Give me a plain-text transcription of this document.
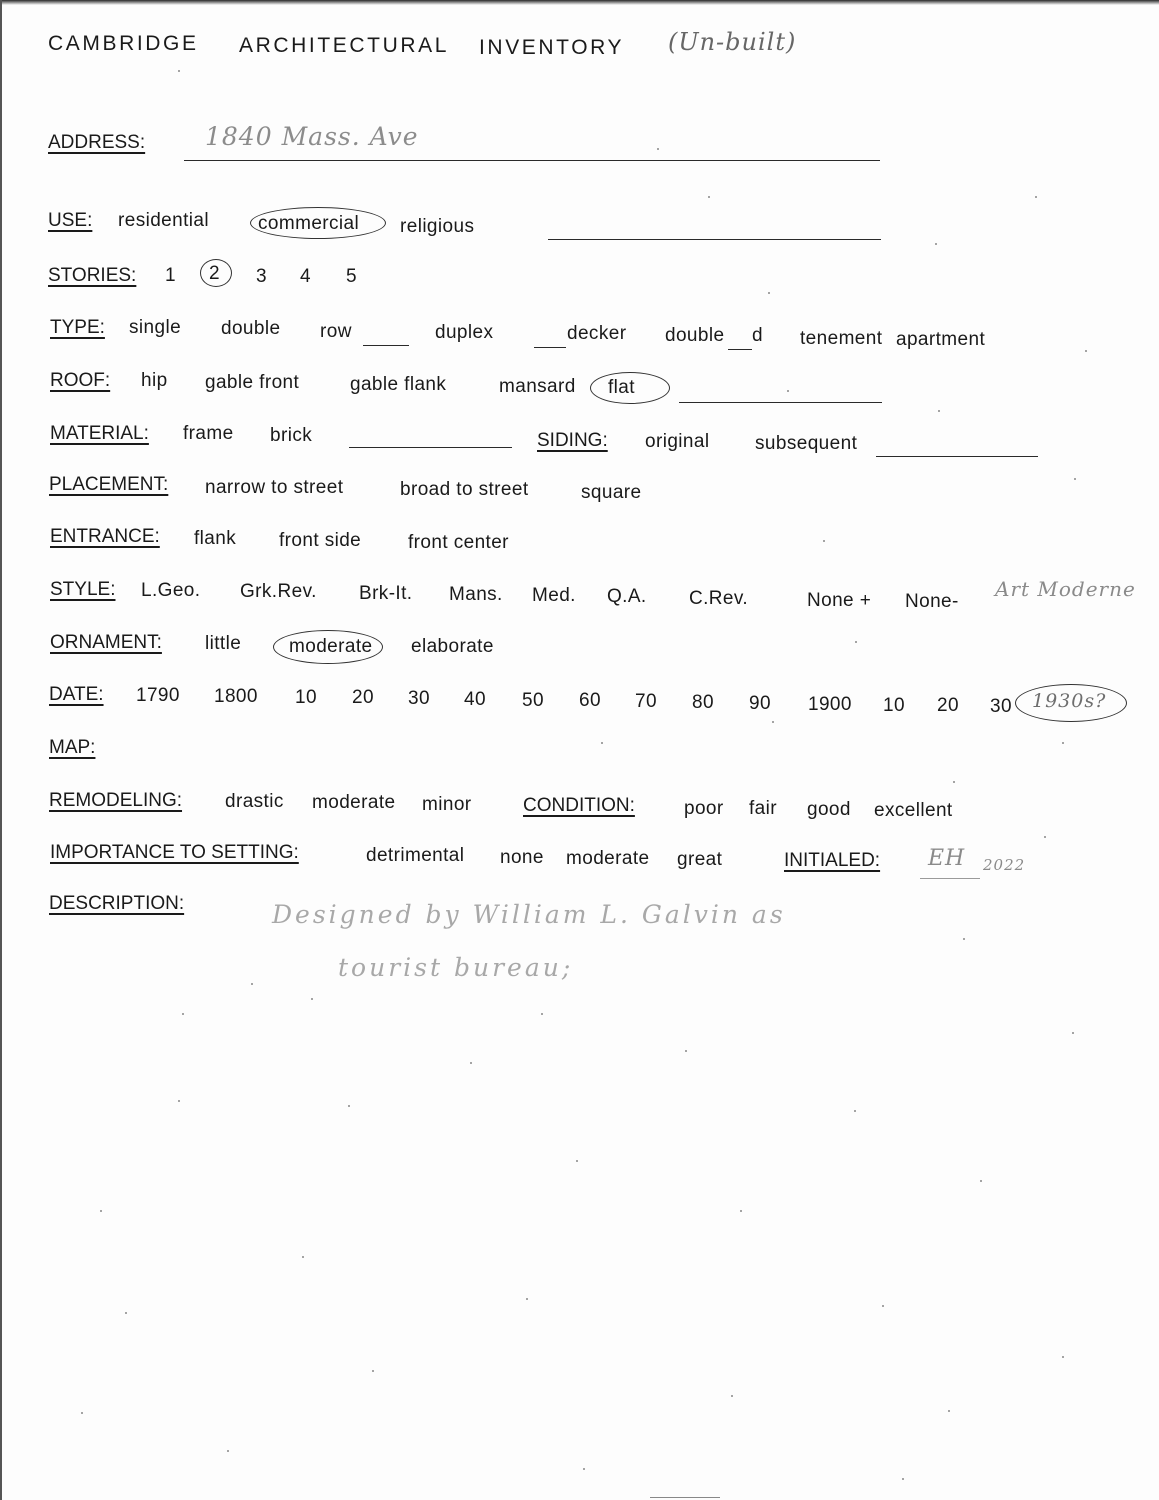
CAMBRIDGE ARCHITECTURAL INVENTORY (Un-built)
ADDRESS: 1840 Mass. Ave
USE: residential	commercial religious
STORIES: 1 2 3 4 5
TYPE: single double row	duplex	decker double d tenement apartment
ROOF: hip gable front	gable flank	mansard flat
MATERIAL: frame brick	SIDING: original subsequent
PLACEMENT: narrow to street	broad to street	square
ENTRANCE: flank front side front center
STYLE: L.Geo. Grk.Rev. Brk-It. Mans. Med. Q.A. C.Rev.	None + None-
Art Moderne
ORNAMENT: little	moderate elaborate
DATE: 1790 1800 10 20 30 40 50 60 70 80 90 1900 10 20 30 1930s?
MAP:
REMODELING: drastic moderate minor	CONDITION:	poor fair good excellent
IMPORTANCE TO SETTING:	detrimental none moderate great	INITIALED: EH 2022
DESCRIPTION:	Designed by William L. Galvin as
tourist bureau;
